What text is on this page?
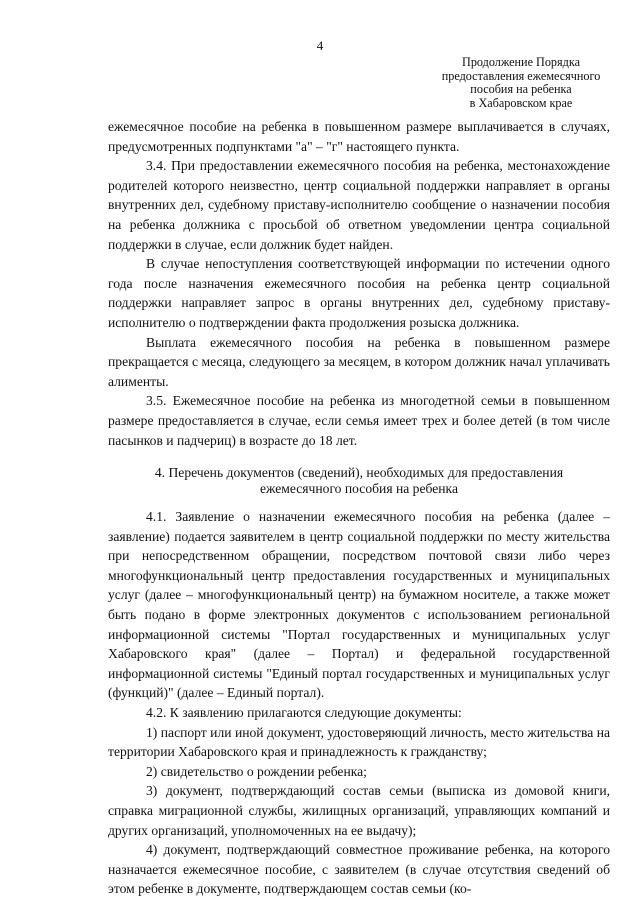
4
Продолжение Порядка
предоставления ежемесячного
пособия на ребенка
в Хабаровском крае

ежемесячное пособие на ребенка в повышенном размере выплачивается в случаях, предусмотренных подпунктами "а" – "г" настоящего пункта.

3.4. При предоставлении ежемесячного пособия на ребенка, местонахождение родителей которого неизвестно, центр социальной поддержки направляет в органы внутренних дел, судебному приставу-исполнителю сообщение о назначении пособия на ребенка должника с просьбой об ответном уведомлении центра социальной поддержки в случае, если должник будет найден.

В случае непоступления соответствующей информации по истечении одного года после назначения ежемесячного пособия на ребенка центр социальной поддержки направляет запрос в органы внутренних дел, судебному приставу-исполнителю о подтверждении факта продолжения розыска должника.

Выплата ежемесячного пособия на ребенка в повышенном размере прекращается с месяца, следующего за месяцем, в котором должник начал уплачивать алименты.

3.5. Ежемесячное пособие на ребенка из многодетной семьи в повышенном размере предоставляется в случае, если семья имеет трех и более детей (в том числе пасынков и падчериц) в возрасте до 18 лет.

4. Перечень документов (сведений), необходимых для предоставления
ежемесячного пособия на ребенка

4.1. Заявление о назначении ежемесячного пособия на ребенка (далее – заявление) подается заявителем в центр социальной поддержки по месту жительства при непосредственном обращении, посредством почтовой связи либо через многофункциональный центр предоставления государственных и муниципальных услуг (далее – многофункциональный центр) на бумажном носителе, а также может быть подано в форме электронных документов с использованием региональной информационной системы "Портал государственных и муниципальных услуг Хабаровского края" (далее – Портал) и федеральной государственной информационной системы "Единый портал государственных и муниципальных услуг (функций)" (далее – Единый портал).

4.2. К заявлению прилагаются следующие документы:

1) паспорт или иной документ, удостоверяющий личность, место жительства на территории Хабаровского края и принадлежность к гражданству;

2) свидетельство о рождении ребенка;

3) документ, подтверждающий состав семьи (выписка из домовой книги, справка миграционной службы, жилищных организаций, управляющих компаний и других организаций, уполномоченных на ее выдачу);

4) документ, подтверждающий совместное проживание ребенка, на которого назначается ежемесячное пособие, с заявителем (в случае отсутствия сведений об этом ребенке в документе, подтверждающем состав семьи (ко-
